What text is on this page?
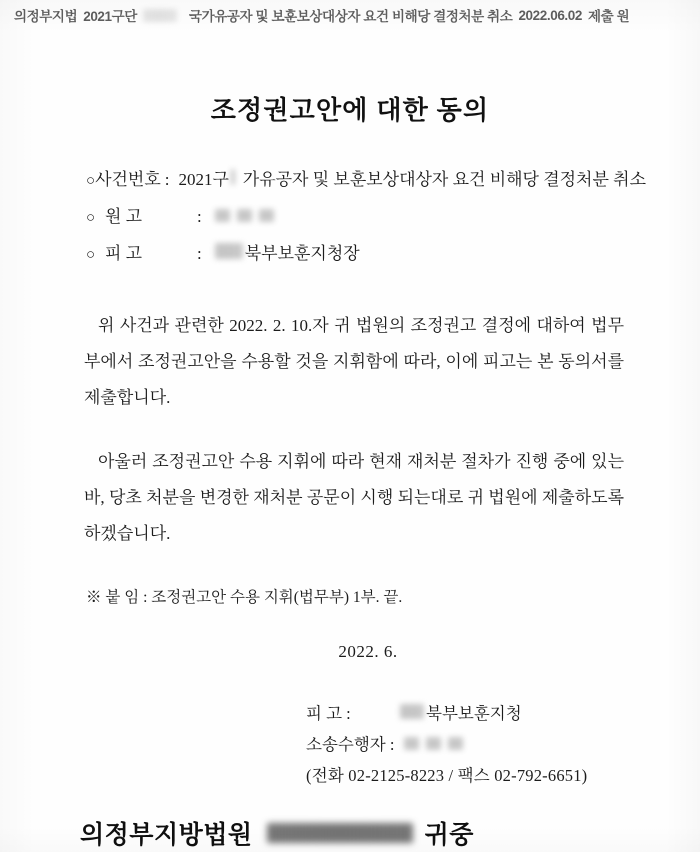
의정부지법 2021구단	국가유공자 및 보훈보상대상자 요건 비해당 결정처분 취소 2022.06.02 제출 원
조정권고안에 대한 동의
○ 사건번호 : 2021구 가유공자 및 보훈보상대상자 요건 비해당 결정처분 취소
○ 원 고	:
○ 피 고	:	북부보훈지청장
위 사건과 관련한 2022. 2. 10.자 귀 법원의 조정권고 결정에 대하여 법무부에서 조정권고안을 수용할 것을 지휘함에 따라, 이에 피고는 본 동의서를 제출합니다.
아울러 조정권고안 수용 지휘에 따라 현재 재처분 절차가 진행 중에 있는바, 당초 처분을 변경한 재처분 공문이 시행 되는대로 귀 법원에 제출하도록 하겠습니다.
※ 붙 임 : 조정권고안 수용 지휘(법무부) 1부. 끝.
2022. 6.
피 고 :	북부보훈지청
소송수행자 :
(전화 02-2125-8223 / 팩스 02-792-6651)
의정부지방법원	귀중
